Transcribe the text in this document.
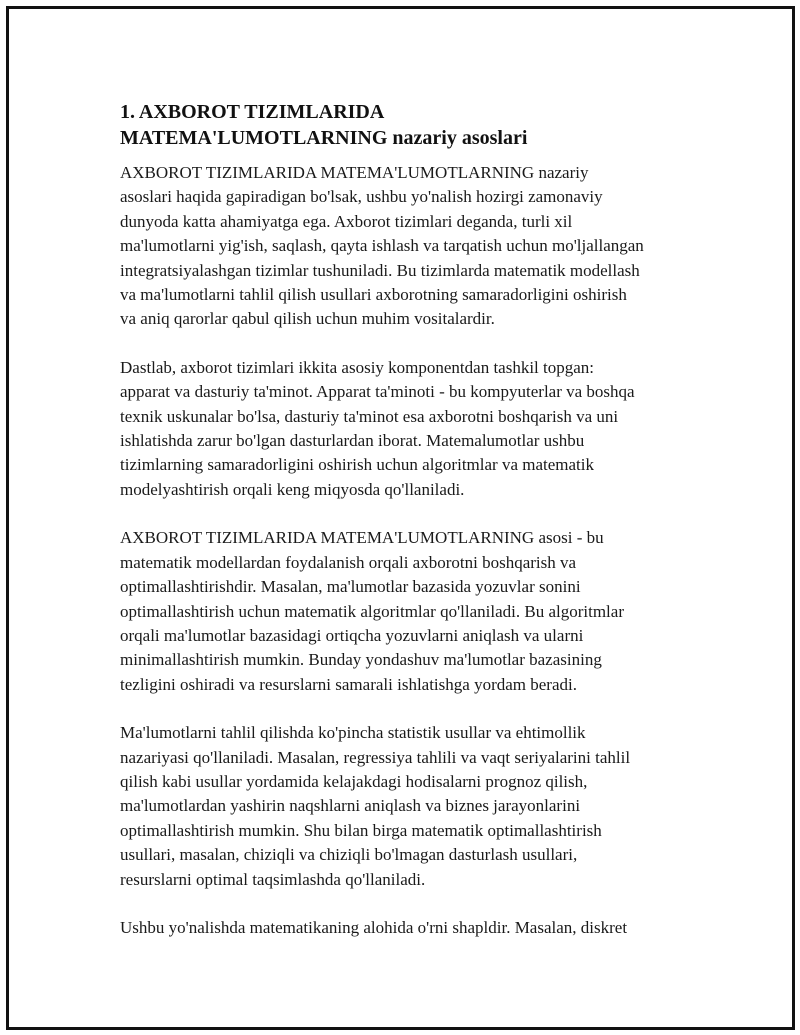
1. AXBOROT TIZIMLARIDA
MATEMA'LUMOTLARNING nazariy asoslari

AXBOROT TIZIMLARIDA MATEMA'LUMOTLARNING nazariy
asoslari haqida gapiradigan bo'lsak, ushbu yo'nalish hozirgi zamonaviy
dunyoda katta ahamiyatga ega. Axborot tizimlari deganda, turli xil
ma'lumotlarni yig'ish, saqlash, qayta ishlash va tarqatish uchun mo'ljallangan
integratsiyalashgan tizimlar tushuniladi. Bu tizimlarda matematik modellash
va ma'lumotlarni tahlil qilish usullari axborotning samaradorligini oshirish
va aniq qarorlar qabul qilish uchun muhim vositalardir.

Dastlab, axborot tizimlari ikkita asosiy komponentdan tashkil topgan:
apparat va dasturiy ta'minot. Apparat ta'minoti - bu kompyuterlar va boshqa
texnik uskunalar bo'lsa, dasturiy ta'minot esa axborotni boshqarish va uni
ishlatishda zarur bo'lgan dasturlardan iborat. Matemalumotlar ushbu
tizimlarning samaradorligini oshirish uchun algoritmlar va matematik
modelyashtirish orqali keng miqyosda qo'llaniladi.

AXBOROT TIZIMLARIDA MATEMA'LUMOTLARNING asosi - bu
matematik modellardan foydalanish orqali axborotni boshqarish va
optimallashtirishdir. Masalan, ma'lumotlar bazasida yozuvlar sonini
optimallashtirish uchun matematik algoritmlar qo'llaniladi. Bu algoritmlar
orqali ma'lumotlar bazasidagi ortiqcha yozuvlarni aniqlash va ularni
minimallashtirish mumkin. Bunday yondashuv ma'lumotlar bazasining
tezligini oshiradi va resurslarni samarali ishlatishga yordam beradi.

Ma'lumotlarni tahlil qilishda ko'pincha statistik usullar va ehtimollik
nazariyasi qo'llaniladi. Masalan, regressiya tahlili va vaqt seriyalarini tahlil
qilish kabi usullar yordamida kelajakdagi hodisalarni prognoz qilish,
ma'lumotlardan yashirin naqshlarni aniqlash va biznes jarayonlarini
optimallashtirish mumkin. Shu bilan birga matematik optimallashtirish
usullari, masalan, chiziqli va chiziqli bo'lmagan dasturlash usullari,
resurslarni optimal taqsimlashda qo'llaniladi.

Ushbu yo'nalishda matematikaning alohida o'rni shapldir. Masalan, diskret
